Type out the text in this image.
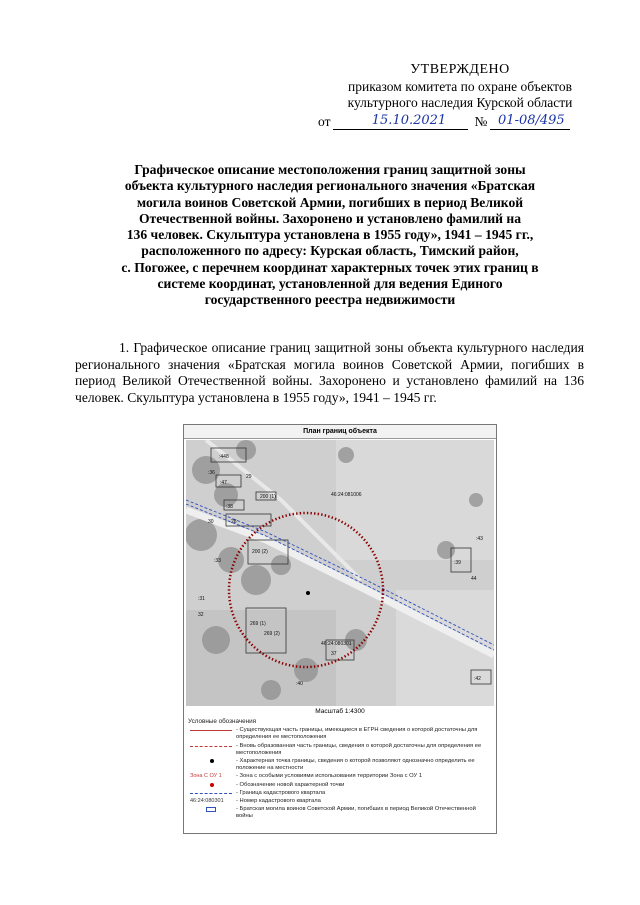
УТВЕРЖДЕНО
приказом комитета по охране объектов
культурного наследия Курской области
от	15.10.2021	№ 01-08/495
Графическое описание местоположения границ защитной зоны
объекта культурного наследия регионального значения «Братская
могила воинов Советской Армии, погибших в период Великой
Отечественной войны. Захоронено и установлено фамилий на
136 человек. Скульптура установлена в 1955 году», 1941 – 1945 гг.,
расположенного по адресу: Курская область, Тимский район,
с. Погожее, с перечнем координат характерных точек этих границ в
системе координат, установленной для ведения Единого
государственного реестра недвижимости
1. Графическое описание границ защитной зоны объекта культурного наследия регионального значения «Братская могила воинов Советской Армии, погибших в период Великой Отечественной войны. Захоронено и установлено фамилий на 136 человек. Скульптура установлена в 1955 году», 1941 – 1945 гг.
План границ объекта
46:24:081006
46:24:080301
:448
:36
29
:47
200 (1)
:38
28
30
200 (2)
:33
269 (1)
269 (2)
:39
:43
44
:31
32
37
:40
:42
Масштаб 1:4300
Условные обозначения
- Существующая часть границы, имеющиеся в ЕГРН сведения о которой достаточны для определения ее местоположения
- Вновь образованная часть границы, сведения о которой достаточны для определения ее местоположения
- Характерная точка границы, сведения о которой позволяют однозначно определить ее положение на местности
Зона С ОУ 1 - Зона с особыми условиями использования территории Зона с ОУ 1
- Обозначение новой характерной точки
- Граница кадастрового квартала
46:24:080301 - Номер кадастрового квартала
- Братская могила воинов Советской Армии, погибших в период Великой Отечественной войны
